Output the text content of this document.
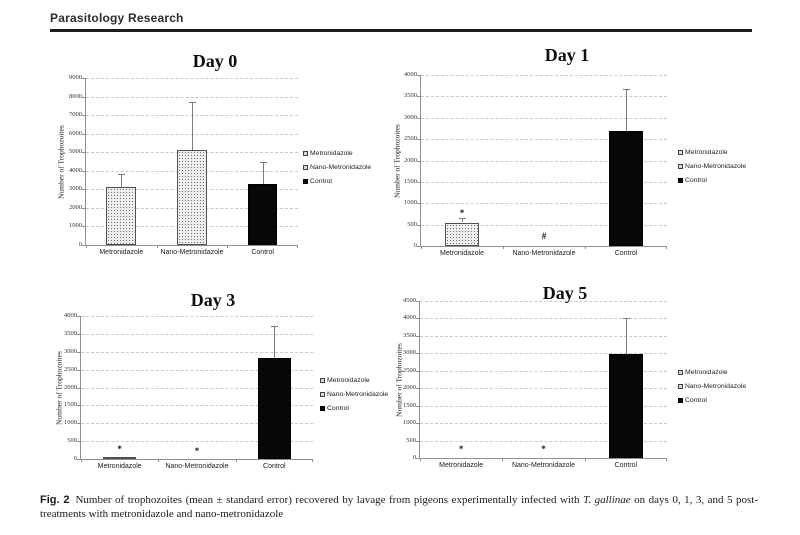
Parasitology Research
Day 0
Number of Trophozoites
0
1000
2000
3000
4000
5000
6000
7000
8000
9000
Metronidazole	Nano-Metronidazole	Control
Metronidazole
Nano-Metronidazole
Control
Day 1
Number of Trophozoites
0
500
1000
1500
2000
2500
3000
3500
4000
*
Metronidazole
#
Nano-Metronidazole	Control
Metronidazole
Nano-Metronidazole
Control
Day 3
Number of Trophozoites
0
500
1000
1500
2000
2500
3000
3500
4000
*
Metronidazole
*
Nano-Metronidazole	Control
Metronidazole
Nano-Metronidazole
Control
Day 5
Number of Trophozoites
0
500
1000
1500
2000
2500
3000
3500
4000
4500
*
Metronidazole
*
Nano-Metronidazole	Control
Metronidazole
Nano-Metronidazole
Control
Fig. 2 Number of trophozoites (mean ± standard error) recovered by lavage from pigeons experimentally infected with T. gallinae on days 0, 1, 3, and 5 post-treatments with metronidazole and nano-metronidazole
